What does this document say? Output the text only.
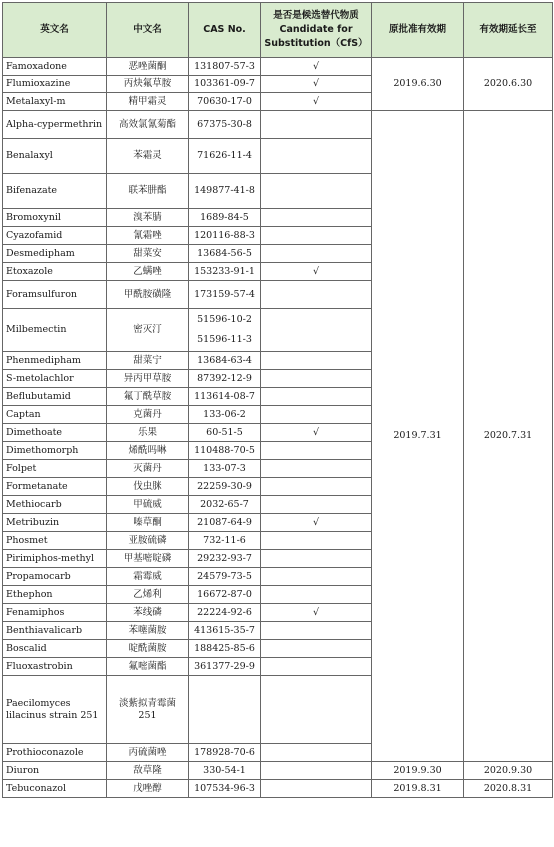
英文名	中文名	CAS No.	是否是候选替代物质
Candidate for
Substitution（CfS）	原批准有效期	有效期延长至
Famoxadone	恶唑菌酮	131807-57-3	√	2019.6.30	2020.6.30
Flumioxazine	丙炔氟草胺	103361-09-7	√		
Metalaxyl-m	精甲霜灵	70630-17-0	√		
Alpha-cypermethrin	高效氯氰菊酯	67375-30-8		2019.7.31	2020.7.31
Benalaxyl	苯霜灵	71626-11-4			
Bifenazate	联苯肼酯	149877-41-8			
Bromoxynil	溴苯腈	1689-84-5			
Cyazofamid	氰霜唑	120116-88-3			
Desmedipham	甜菜安	13684-56-5			
Etoxazole	乙螨唑	153233-91-1	√		
Foramsulfuron	甲酰胺磺隆	173159-57-4			
Milbemectin	密灭汀	51596-10-2
51596-11-3			

Phenmedipham	甜菜宁	13684-63-4			
S-metolachlor	异丙甲草胺	87392-12-9			
Beflubutamid	氟丁酰草胺	113614-08-7			
Captan	克菌丹	133-06-2			
Dimethoate	乐果	60-51-5	√		
Dimethomorph	烯酰吗啉	110488-70-5			
Folpet	灭菌丹	133-07-3			
Formetanate	伐虫脒	22259-30-9			
Methiocarb	甲硫威	2032-65-7			
Metribuzin	嗪草酮	21087-64-9	√		
Phosmet	亚胺硫磷	732-11-6			
Pirimiphos-methyl	甲基嘧啶磷	29232-93-7			
Propamocarb	霜霉威	24579-73-5			
Ethephon	乙烯利	16672-87-0			
Fenamiphos	苯线磷	22224-92-6	√		
Benthiavalicarb	苯噻菌胺	413615-35-7			
Boscalid	啶酰菌胺	188425-85-6			
Fluoxastrobin	氟嘧菌酯	361377-29-9			
Paecilomyces lilacinus strain 251	淡紫拟青霉菌251				
Prothioconazole	丙硫菌唑	178928-70-6			
Diuron	敌草隆	330-54-1		2019.9.30	2020.9.30
Tebuconazol	戊唑醇	107534-96-3		2019.8.31	2020.8.31
